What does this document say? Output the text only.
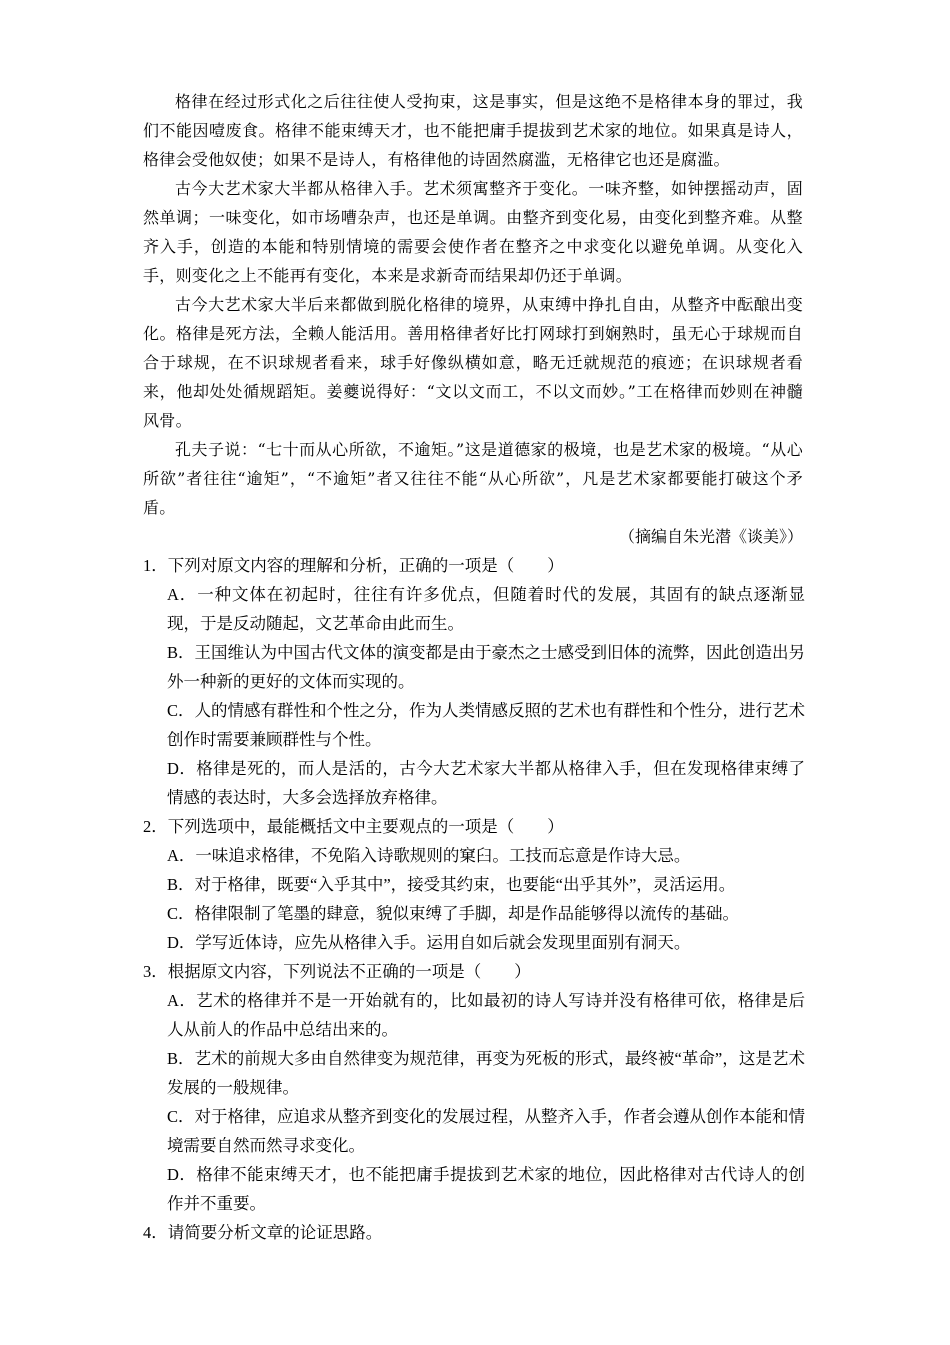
格律在经过形式化之后往往使人受拘束，这是事实，但是这绝不是格律本身的罪过，我们不能因噎废食。格律不能束缚天才，也不能把庸手提拔到艺术家的地位。如果真是诗人，格律会受他奴使；如果不是诗人，有格律他的诗固然腐滥，无格律它也还是腐滥。

古今大艺术家大半都从格律入手。艺术须寓整齐于变化。一味齐整，如钟摆摇动声，固然单调；一味变化，如市场嘈杂声，也还是单调。由整齐到变化易，由变化到整齐难。从整齐入手，创造的本能和特别情境的需要会使作者在整齐之中求变化以避免单调。从变化入手，则变化之上不能再有变化，本来是求新奇而结果却仍还于单调。

古今大艺术家大半后来都做到脱化格律的境界，从束缚中挣扎自由，从整齐中酝酿出变化。格律是死方法，全赖人能活用。善用格律者好比打网球打到娴熟时，虽无心于球规而自合于球规，在不识球规者看来，球手好像纵横如意，略无迁就规范的痕迹；在识球规者看来，他却处处循规蹈矩。姜夔说得好：“文以文而工，不以文而妙。”工在格律而妙则在神髓风骨。

孔夫子说：“七十而从心所欲，不逾矩。”这是道德家的极境，也是艺术家的极境。“从心所欲”者往往“逾矩”，“不逾矩”者又往往不能“从心所欲”，凡是艺术家都要能打破这个矛盾。

（摘编自朱光潜《谈美》）

1．下列对原文内容的理解和分析，正确的一项是（　　）

A．一种文体在初起时，往往有许多优点，但随着时代的发展，其固有的缺点逐渐显现，于是反动随起，文艺革命由此而生。

B．王国维认为中国古代文体的演变都是由于豪杰之士感受到旧体的流弊，因此创造出另外一种新的更好的文体而实现的。

C．人的情感有群性和个性之分，作为人类情感反照的艺术也有群性和个性分，进行艺术创作时需要兼顾群性与个性。

D．格律是死的，而人是活的，古今大艺术家大半都从格律入手，但在发现格律束缚了情感的表达时，大多会选择放弃格律。

2．下列选项中，最能概括文中主要观点的一项是（　　）

A．一味追求格律，不免陷入诗歌规则的窠臼。工技而忘意是作诗大忌。

B．对于格律，既要“入乎其中”，接受其约束，也要能“出乎其外”，灵活运用。

C．格律限制了笔墨的肆意，貌似束缚了手脚，却是作品能够得以流传的基础。

D．学写近体诗，应先从格律入手。运用自如后就会发现里面别有洞天。

3．根据原文内容，下列说法不正确的一项是（　　）

A．艺术的格律并不是一开始就有的，比如最初的诗人写诗并没有格律可依，格律是后人从前人的作品中总结出来的。

B．艺术的前规大多由自然律变为规范律，再变为死板的形式，最终被“革命”，这是艺术发展的一般规律。

C．对于格律，应追求从整齐到变化的发展过程，从整齐入手，作者会遵从创作本能和情境需要自然而然寻求变化。

D．格律不能束缚天才，也不能把庸手提拔到艺术家的地位，因此格律对古代诗人的创作并不重要。

4．请简要分析文章的论证思路。
